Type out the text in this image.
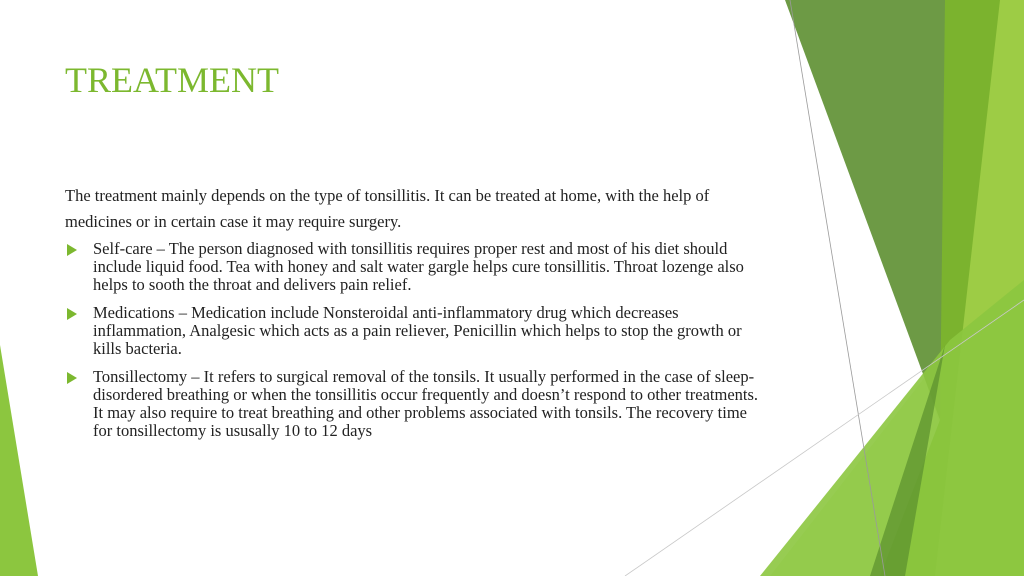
TREATMENT

The treatment mainly depends on the type of tonsillitis. It can be treated at home, with the help of medicines or in certain case it may require surgery.

Self-care – The person diagnosed with tonsillitis requires proper rest and most of his diet should include liquid food. Tea with honey and salt water gargle helps cure tonsillitis. Throat lozenge also helps to sooth the throat and delivers pain relief.
Medications – Medication include Nonsteroidal anti-inflammatory drug which decreases inflammation, Analgesic which acts as a pain reliever, Penicillin which helps to stop the growth or kills bacteria.
Tonsillectomy – It refers to surgical removal of the tonsils. It usually performed in the case of sleep-disordered breathing or when the tonsillitis occur frequently and doesn’t respond to other treatments. It may also require to treat breathing and other problems associated with tonsils. The recovery time for tonsillectomy is ususally 10 to 12 days
